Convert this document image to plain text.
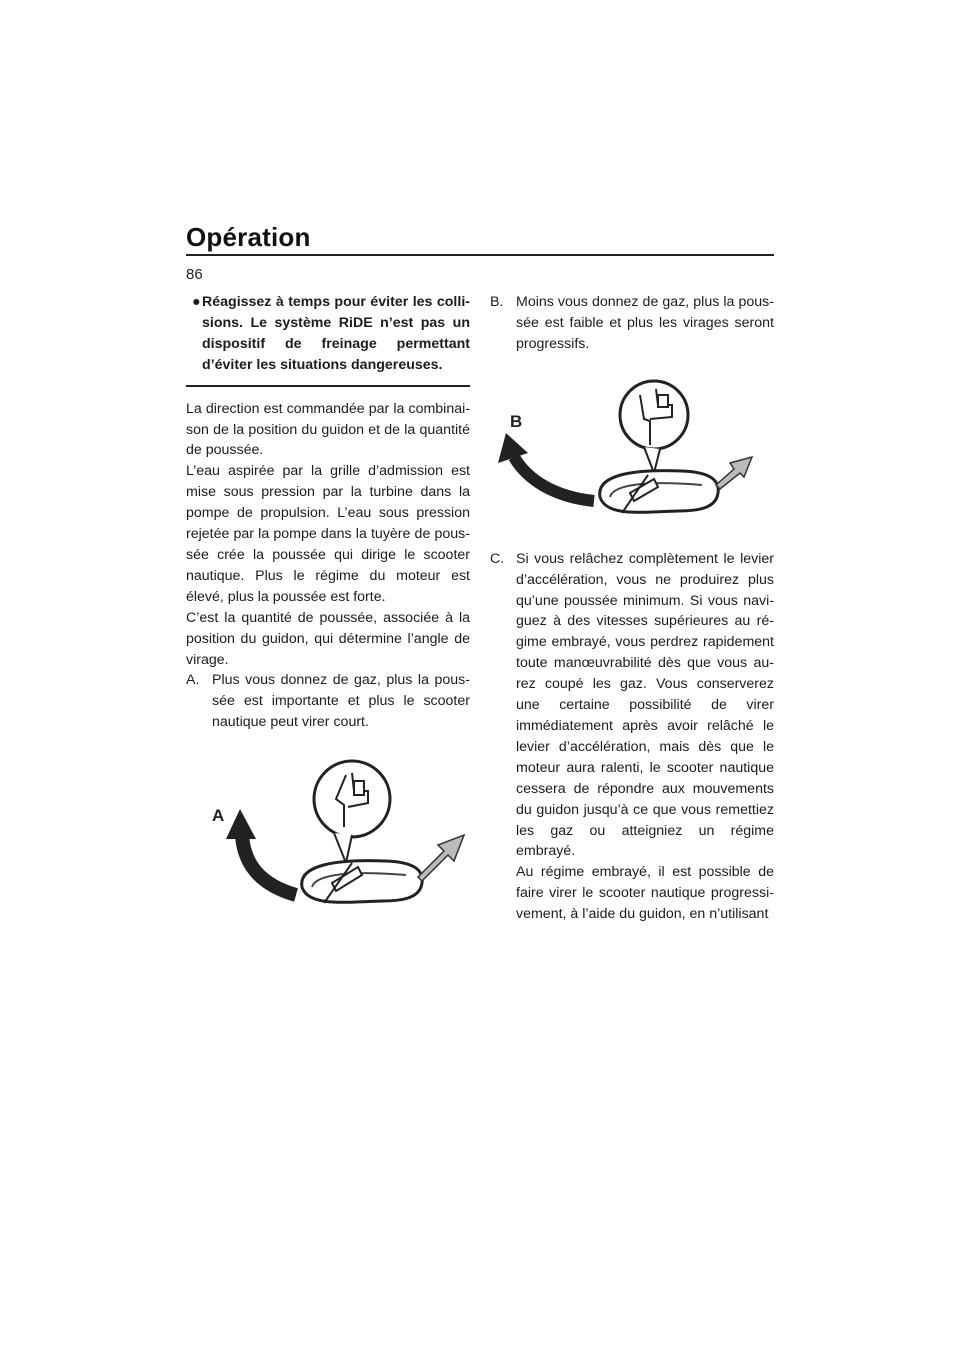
Opération

●Réagissez à temps pour éviter les collisions. Le système RiDE n’est pas un dispositif de freinage permettant d’éviter les situations dangereuses.

La direction est commandée par la combinaison de la position du guidon et de la quantité de poussée.

L’eau aspirée par la grille d’admission est mise sous pression par la turbine dans la pompe de propulsion. L’eau sous pression rejetée par la pompe dans la tuyère de poussée crée la poussée qui dirige le scooter nautique. Plus le régime du moteur est élevé, plus la poussée est forte.

C’est la quantité de poussée, associée à la position du guidon, qui détermine l’angle de virage.

A. Plus vous donnez de gaz, plus la poussée est importante et plus le scooter nautique peut virer court.
A
B. Moins vous donnez de gaz, plus la poussée est faible et plus les virages seront progressifs.
B
C. Si vous relâchez complètement le levier d’accélération, vous ne produirez plus qu’une poussée minimum. Si vous naviguez à des vitesses supérieures au régime embrayé, vous perdrez rapidement toute manœuvrabilité dès que vous aurez coupé les gaz. Vous conserverez une certaine possibilité de virer immédiatement après avoir relâché le levier d’accélération, mais dès que le moteur aura ralenti, le scooter nautique cessera de répondre aux mouvements du guidon jusqu’à ce que vous remettiez les gaz ou atteigniez un régime embrayé.

Au régime embrayé, il est possible de faire virer le scooter nautique progressivement, à l’aide du guidon, en n’utilisant

86
